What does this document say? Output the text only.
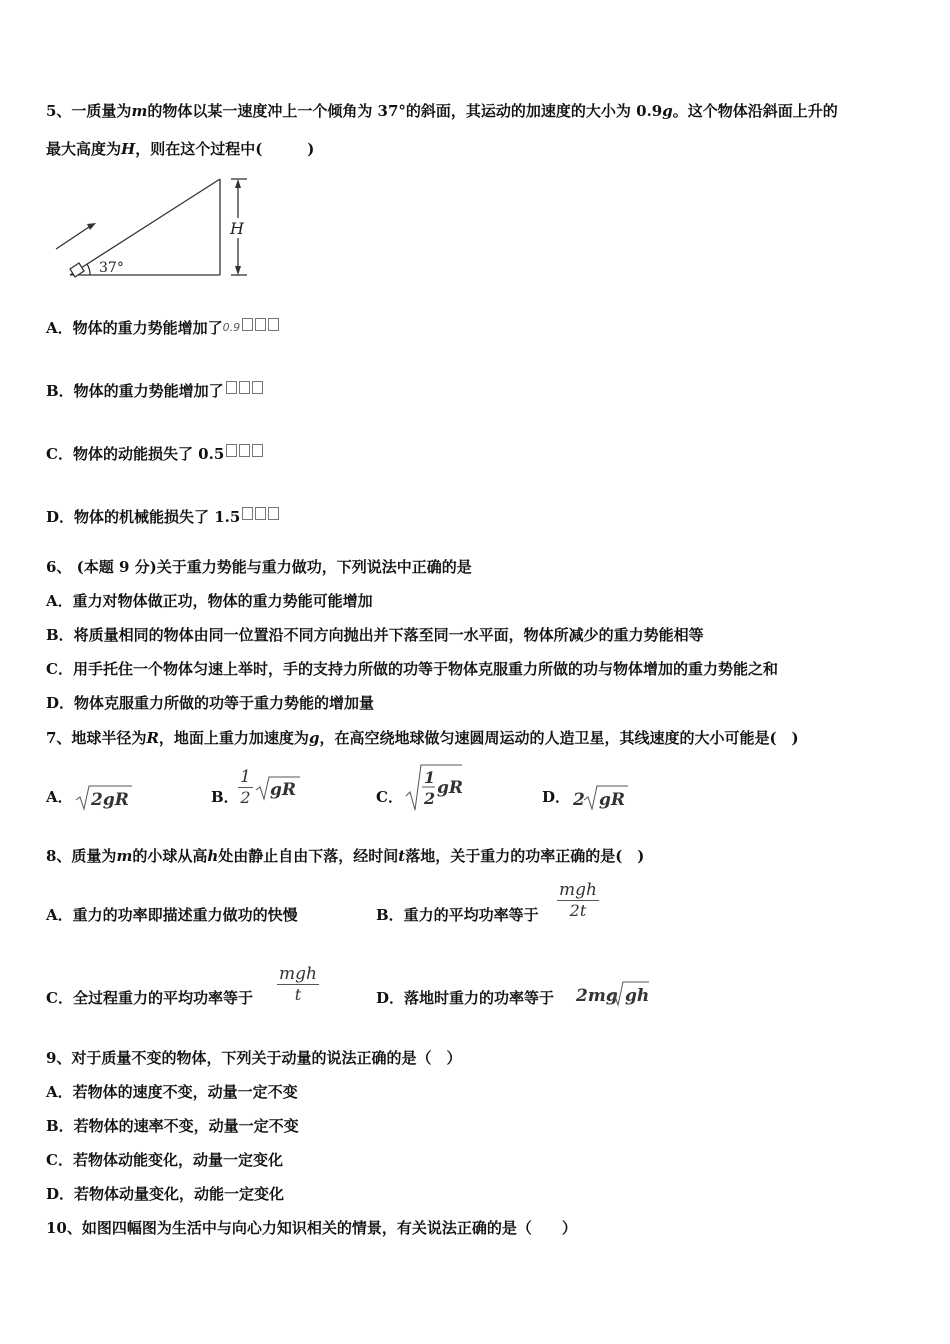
5、一质量为m的物体以某一速度冲上一个倾角为 37°的斜面，其运动的加速度的大小为 0.9g。这个物体沿斜面上升的
最大高度为H，则在这个过程中(　　　)
37°
H
A．物体的重力势能增加了$^{0.9}$
B．物体的重力势能增加了
C．物体的动能损失了 0.5
D．物体的机械能损失了 1.5
6、 (本题 9 分)关于重力势能与重力做功，下列说法中正确的是
A．重力对物体做正功，物体的重力势能可能增加
B．将质量相同的物体由同一位置沿不同方向抛出并下落至同一水平面，物体所减少的重力势能相等
C．用手托住一个物体匀速上举时，手的支持力所做的功等于物体克服重力所做的功与物体增加的重力势能之和
D．物体克服重力所做的功等于重力势能的增加量
7、地球半径为R，地面上重力加速度为g，在高空绕地球做匀速圆周运动的人造卫星，其线速度的大小可能是(　)
A． 2gR	B．
1
2 gR	C．
1
2
gR	D． 2 gR
8、质量为m的小球从高h处由静止自由下落，经时间t落地，关于重力的功率正确的是(　)
A．重力的功率即描述重力做功的快慢	B．重力的平均功率等于
mgh
2t
C．全过程重力的平均功率等于
mgh
t	D．落地时重力的功率等于 2mg gh
9、对于质量不变的物体，下列关于动量的说法正确的是（　）
A．若物体的速度不变，动量一定不变
B．若物体的速率不变，动量一定不变
C．若物体动能变化，动量一定变化
D．若物体动量变化，动能一定变化
10、如图四幅图为生活中与向心力知识相关的情景，有关说法正确的是（　　）
